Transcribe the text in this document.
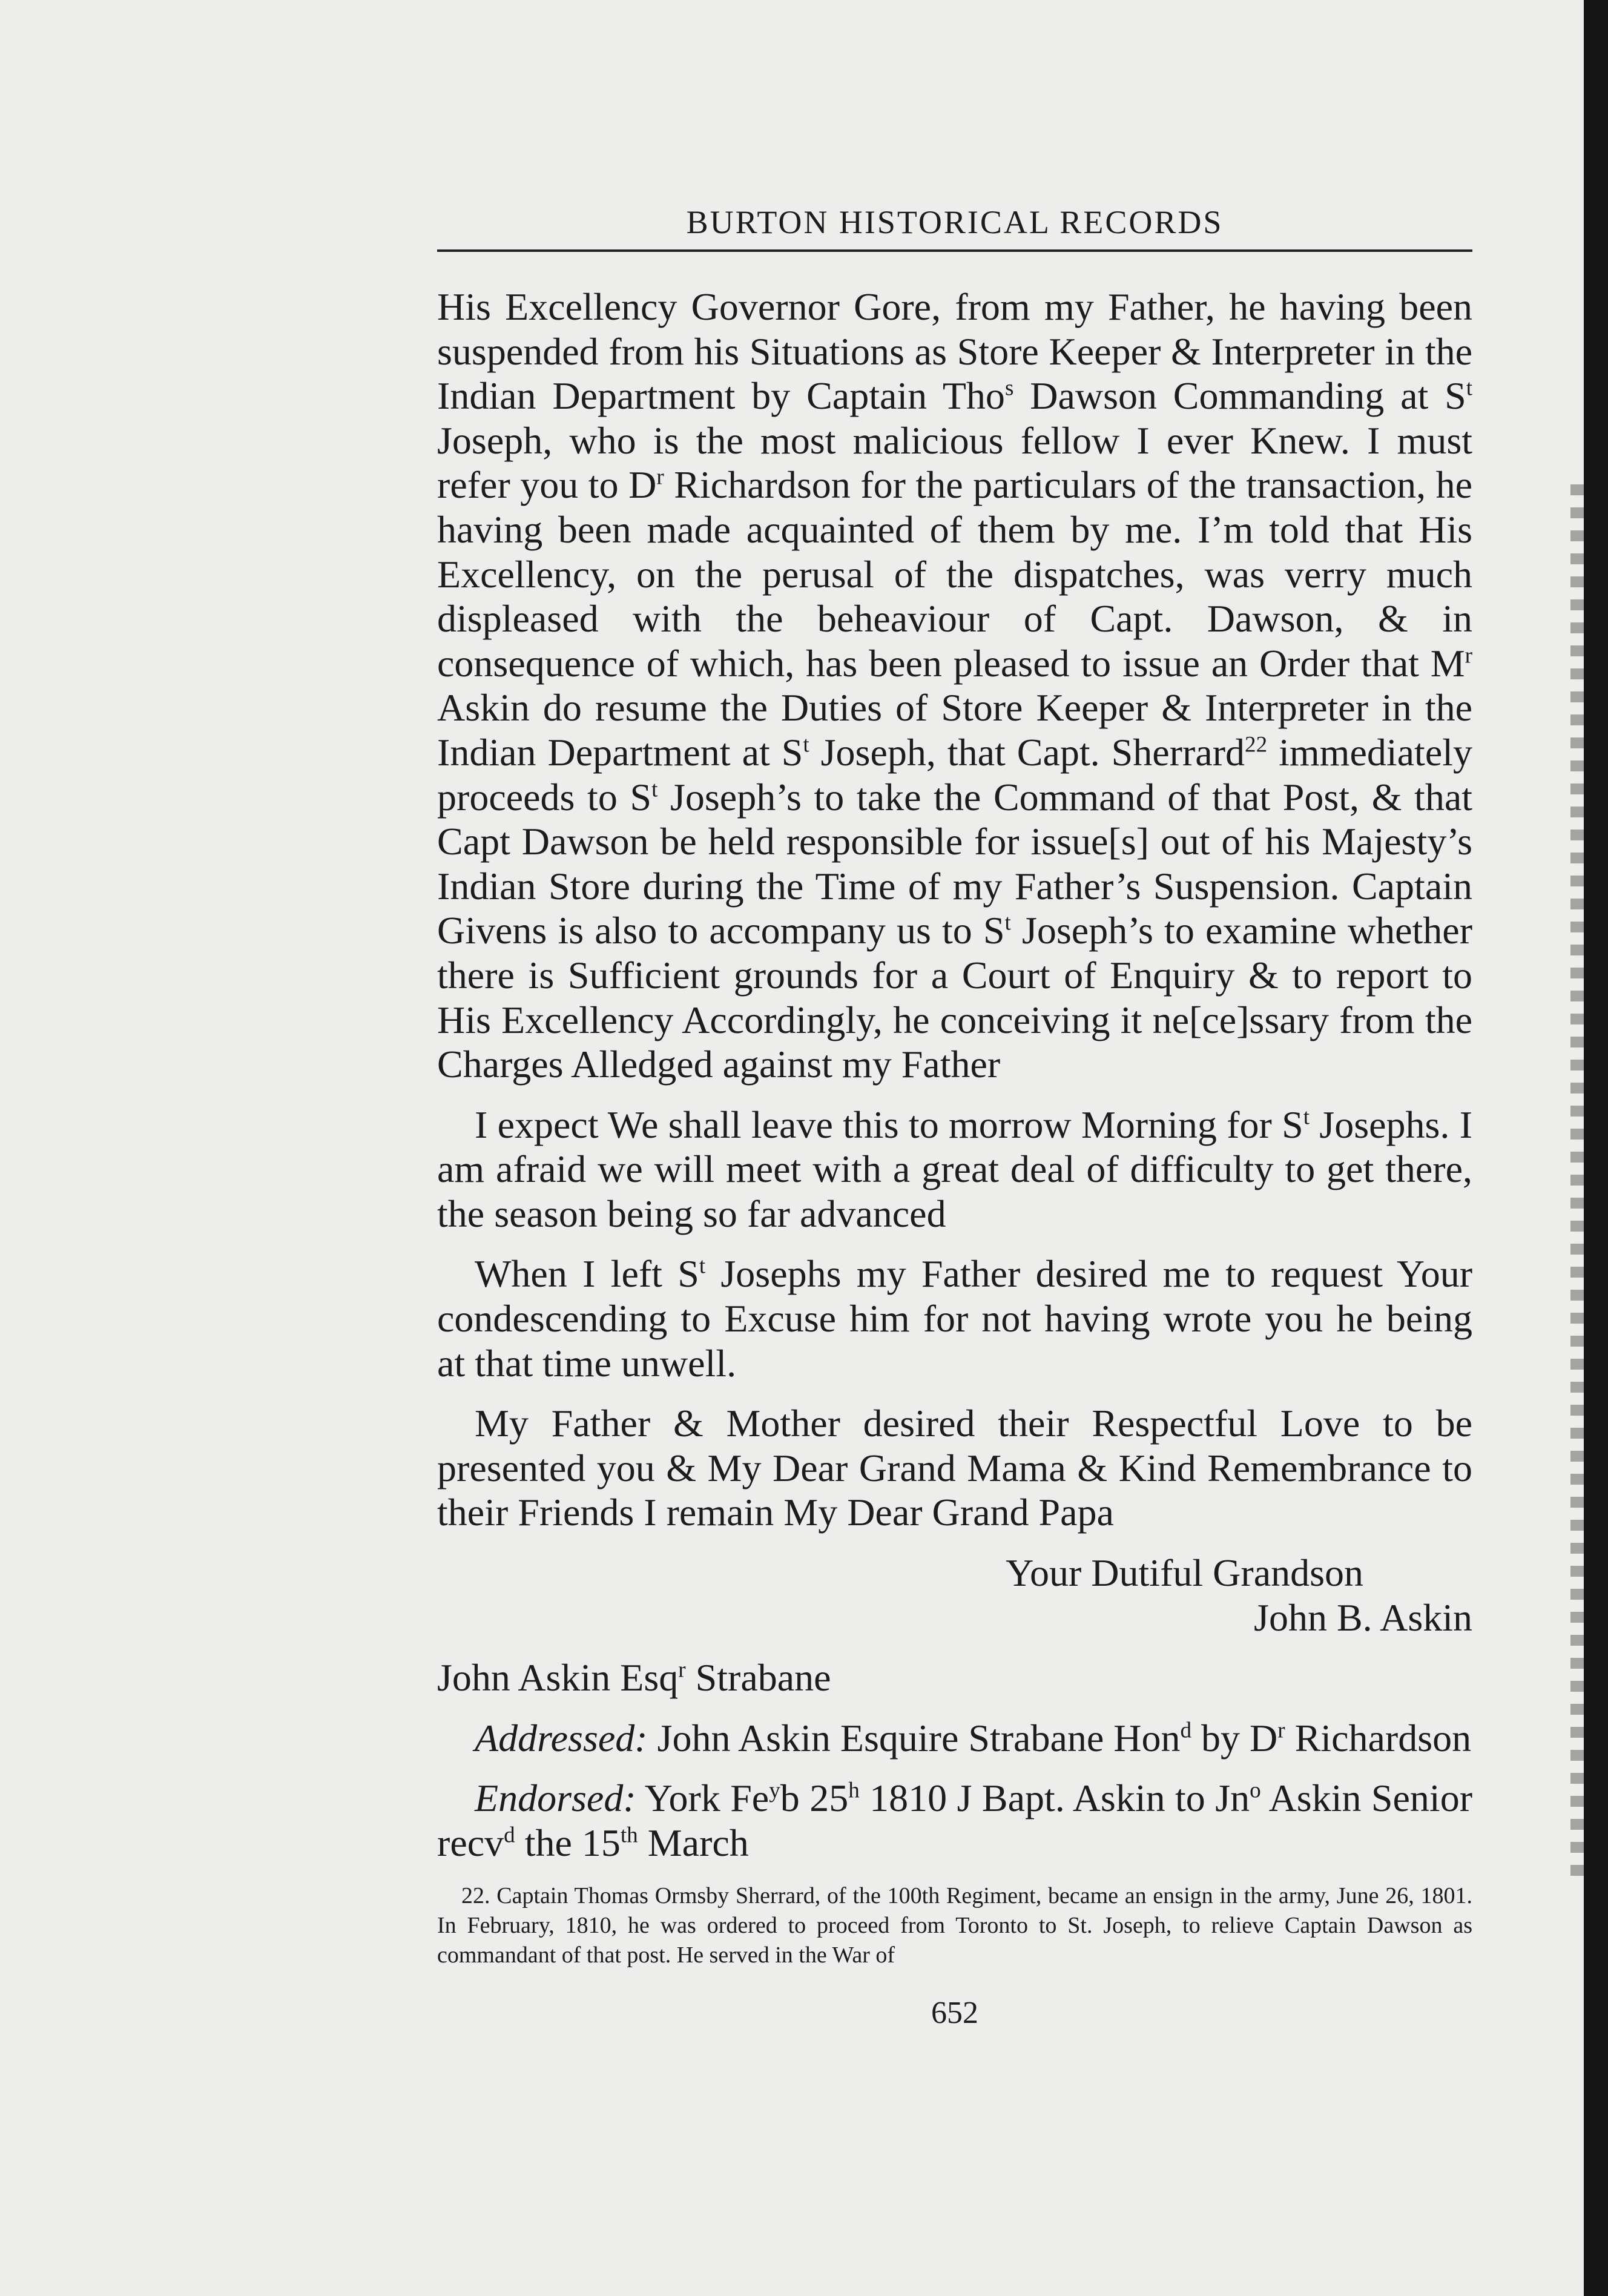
BURTON HISTORICAL RECORDS

His Excellency Governor Gore, from my Father, he having been suspended from his Situations as Store Keeper & Interpreter in the Indian Department by Captain Tho$^s$ Dawson Commanding at $S^t$ Joseph, who is the most malicious fellow I ever Knew. I must refer you to $D^r$ Richardson for the particulars of the transaction, he having been made acquainted of them by me. I’m told that His Excellency, on the perusal of the dispatches, was verry much displeased with the beheaviour of Capt. Dawson, & in consequence of which, has been pleased to issue an Order that $M^r$ Askin do resume the Duties of Store Keeper & Interpreter in the Indian Department at $S^t$ Joseph, that Capt. Sherrard$^{22}$ immediately proceeds to $S^t$ Joseph’s to take the Command of that Post, & that Capt Dawson be held responsible for issue[s] out of his Majesty’s Indian Store during the Time of my Father’s Suspension. Captain Givens is also to accompany us to $S^t$ Joseph’s to examine whether there is Sufficient grounds for a Court of Enquiry & to report to His Excellency Accordingly, he conceiving it ne[ce]ssary from the Charges Alledged against my Father

I expect We shall leave this to morrow Morning for $S^t$ Josephs. I am afraid we will meet with a great deal of difficulty to get there, the season being so far advanced

When I left $S^t$ Josephs my Father desired me to request Your condescending to Excuse him for not having wrote you he being at that time unwell.

My Father & Mother desired their Respectful Love to be presented you & My Dear Grand Mama & Kind Remembrance to their Friends I remain My Dear Grand Papa

Your Dutiful Grandson

John B. Askin

John Askin Esq$^r$ Strabane

Addressed: John Askin Esquire Strabane Hon$^d$ by $D^r$ Richardson

Endorsed: York Fe$^y$b 25$^h$ 1810 J Bapt. Askin to Jn$^o$ Askin Senior recv$^d$ the 15th March

22. Captain Thomas Ormsby Sherrard, of the 100th Regiment, became an ensign in the army, June 26, 1801. In February, 1810, he was ordered to proceed from Toronto to St. Joseph, to relieve Captain Dawson as commandant of that post. He served in the War of

652
